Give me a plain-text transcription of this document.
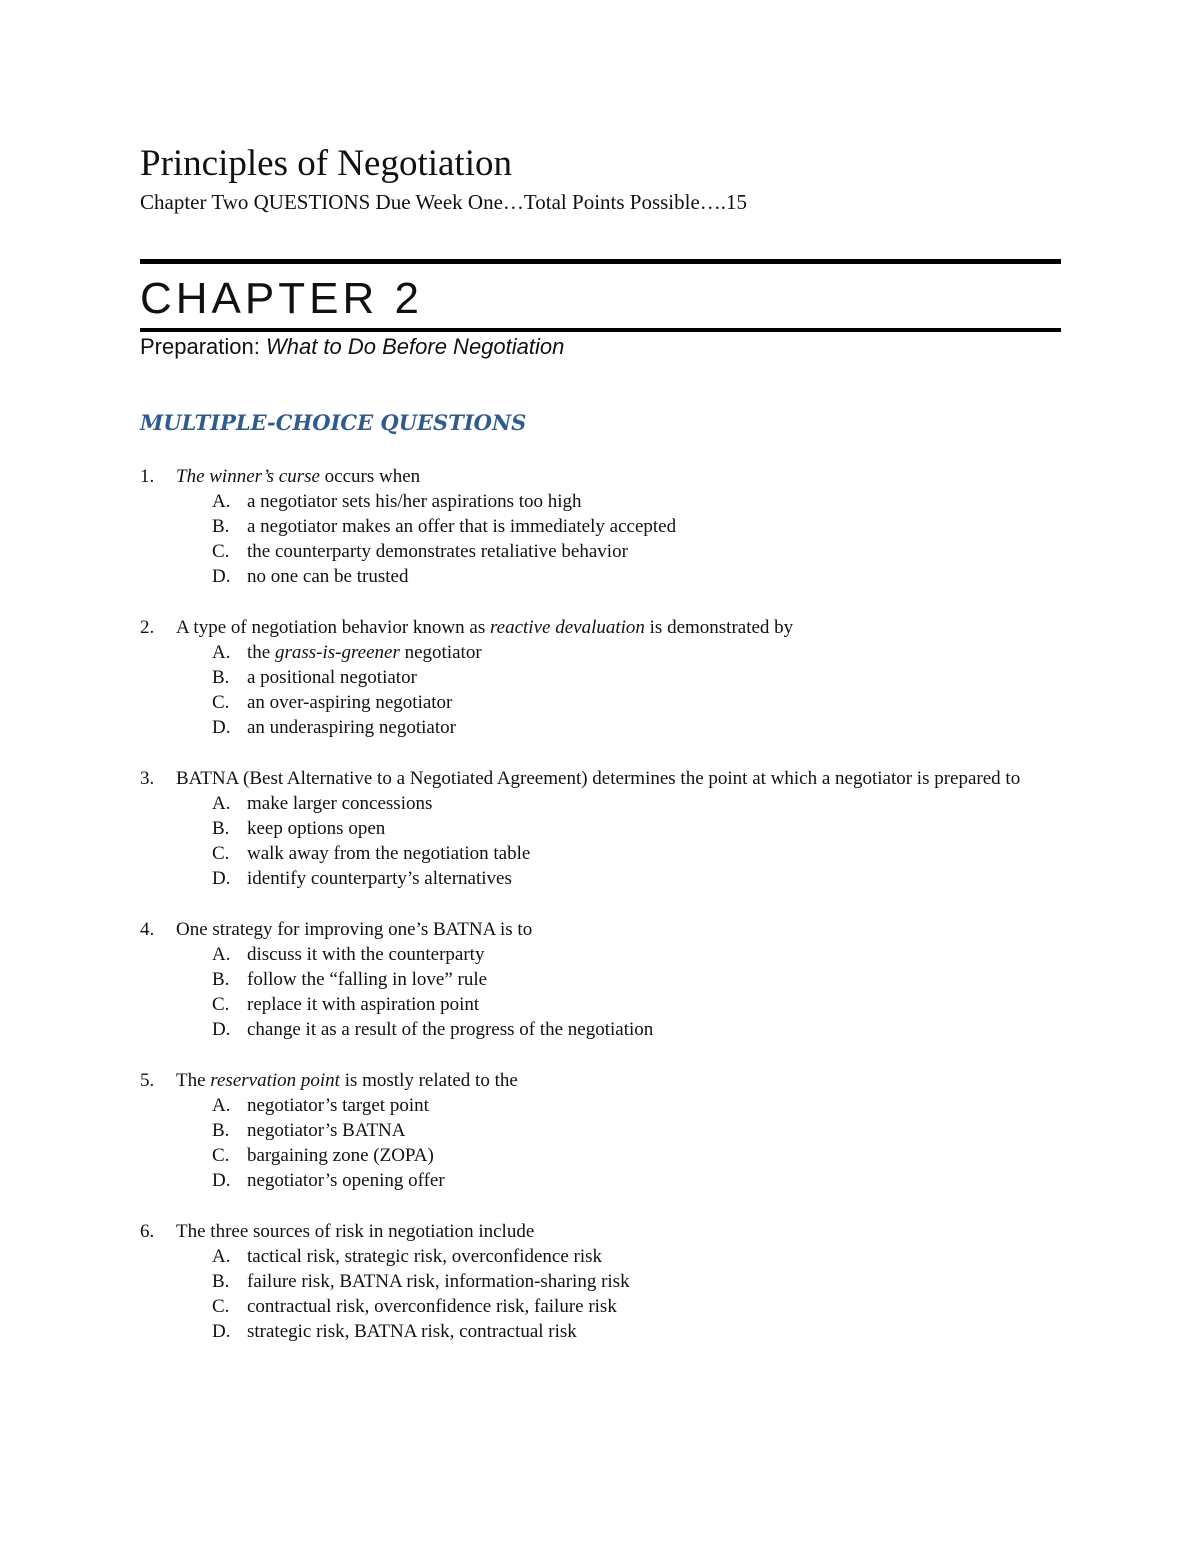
Principles of Negotiation
Chapter Two QUESTIONS Due Week One…Total Points Possible….15
CHAPTER 2
Preparation: What to Do Before Negotiation
MULTIPLE-CHOICE QUESTIONS
1.	The winner’s curse occurs when
A. a negotiator sets his/her aspirations too high
B. a negotiator makes an offer that is immediately accepted
C. the counterparty demonstrates retaliative behavior
D. no one can be trusted
2.	A type of negotiation behavior known as reactive devaluation is demonstrated by
A. the grass-is-greener negotiator
B. a positional negotiator
C. an over-aspiring negotiator
D. an underaspiring negotiator
3.	BATNA (Best Alternative to a Negotiated Agreement) determines the point at which a negotiator is prepared to
A. make larger concessions
B. keep options open
C. walk away from the negotiation table
D. identify counterparty’s alternatives
4.	One strategy for improving one’s BATNA is to
A. discuss it with the counterparty
B. follow the “falling in love” rule
C. replace it with aspiration point
D. change it as a result of the progress of the negotiation
5.	The reservation point is mostly related to the
A. negotiator’s target point
B. negotiator’s BATNA
C. bargaining zone (ZOPA)
D. negotiator’s opening offer
6.	The three sources of risk in negotiation include
A. tactical risk, strategic risk, overconfidence risk
B. failure risk, BATNA risk, information-sharing risk
C. contractual risk, overconfidence risk, failure risk
D. strategic risk, BATNA risk, contractual risk
